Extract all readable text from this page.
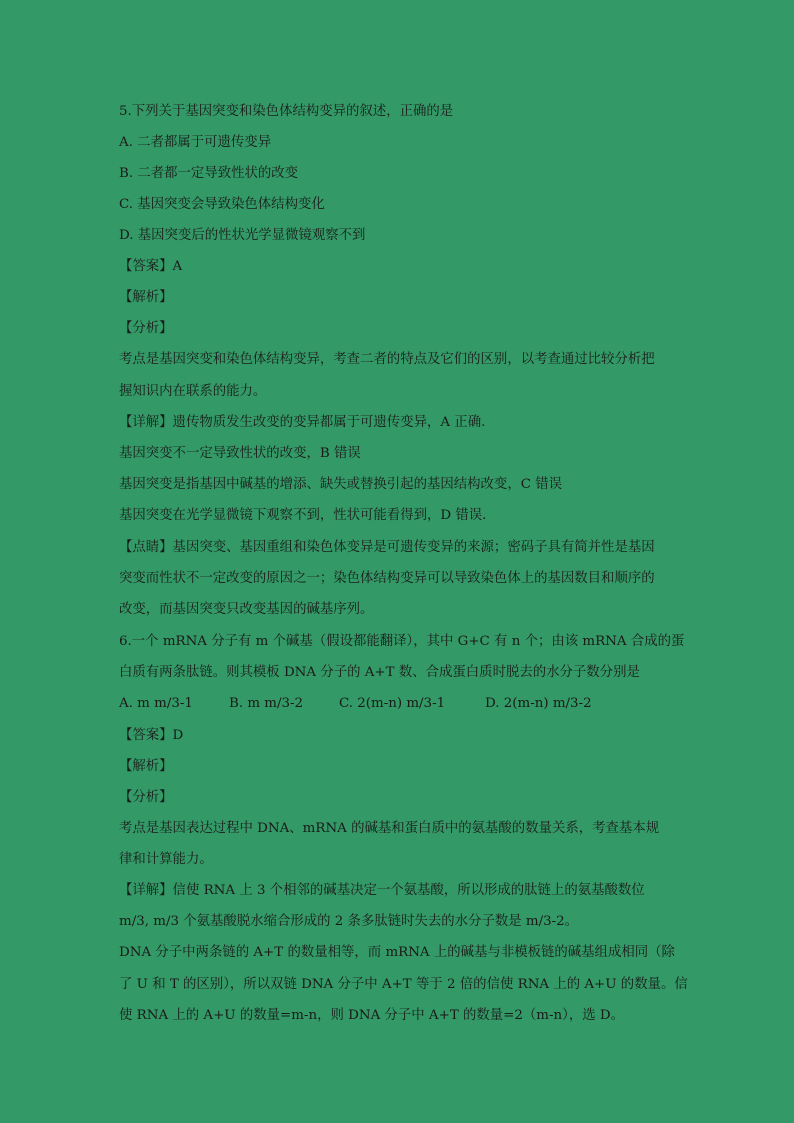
5.下列关于基因突变和染色体结构变异的叙述，正确的是
A. 二者都属于可遗传变异
B. 二者都一定导致性状的改变
C. 基因突变会导致染色体结构变化
D. 基因突变后的性状光学显微镜观察不到
【答案】A
【解析】
【分析】
考点是基因突变和染色体结构变异，考查二者的特点及它们的区别，以考查通过比较分析把
握知识内在联系的能力。
【详解】遗传物质发生改变的变异都属于可遗传变异，A 正确.
基因突变不一定导致性状的改变，B 错误
基因突变是指基因中碱基的增添、缺失或替换引起的基因结构改变，C 错误
基因突变在光学显微镜下观察不到，性状可能看得到，D 错误.
【点睛】基因突变、基因重组和染色体变异是可遗传变异的来源；密码子具有简并性是基因
突变而性状不一定改变的原因之一；染色体结构变异可以导致染色体上的基因数目和顺序的
改变，而基因突变只改变基因的碱基序列。
6.一个 mRNA 分子有 m 个碱基（假设都能翻译），其中 G+C 有 n 个；由该 mRNA 合成的蛋
白质有两条肽链。则其模板 DNA 分子的 A+T 数、合成蛋白质时脱去的水分子数分别是
A. m m/3-1	B. m m/3-2	C. 2(m-n) m/3-1	D. 2(m-n) m/3-2
【答案】D
【解析】
【分析】
考点是基因表达过程中 DNA、mRNA 的碱基和蛋白质中的氨基酸的数量关系，考查基本规
律和计算能力。
【详解】信使 RNA 上 3 个相邻的碱基决定一个氨基酸，所以形成的肽链上的氨基酸数位
m/3, m/3 个氨基酸脱水缩合形成的 2 条多肽链时失去的水分子数是 m/3-2。
DNA 分子中两条链的 A+T 的数量相等，而 mRNA 上的碱基与非模板链的碱基组成相同（除
了 U 和 T 的区别），所以双链 DNA 分子中 A+T 等于 2 倍的信使 RNA 上的 A+U 的数量。信
使 RNA 上的 A+U 的数量=m-n，则 DNA 分子中 A+T 的数量=2（m-n），选 D。
